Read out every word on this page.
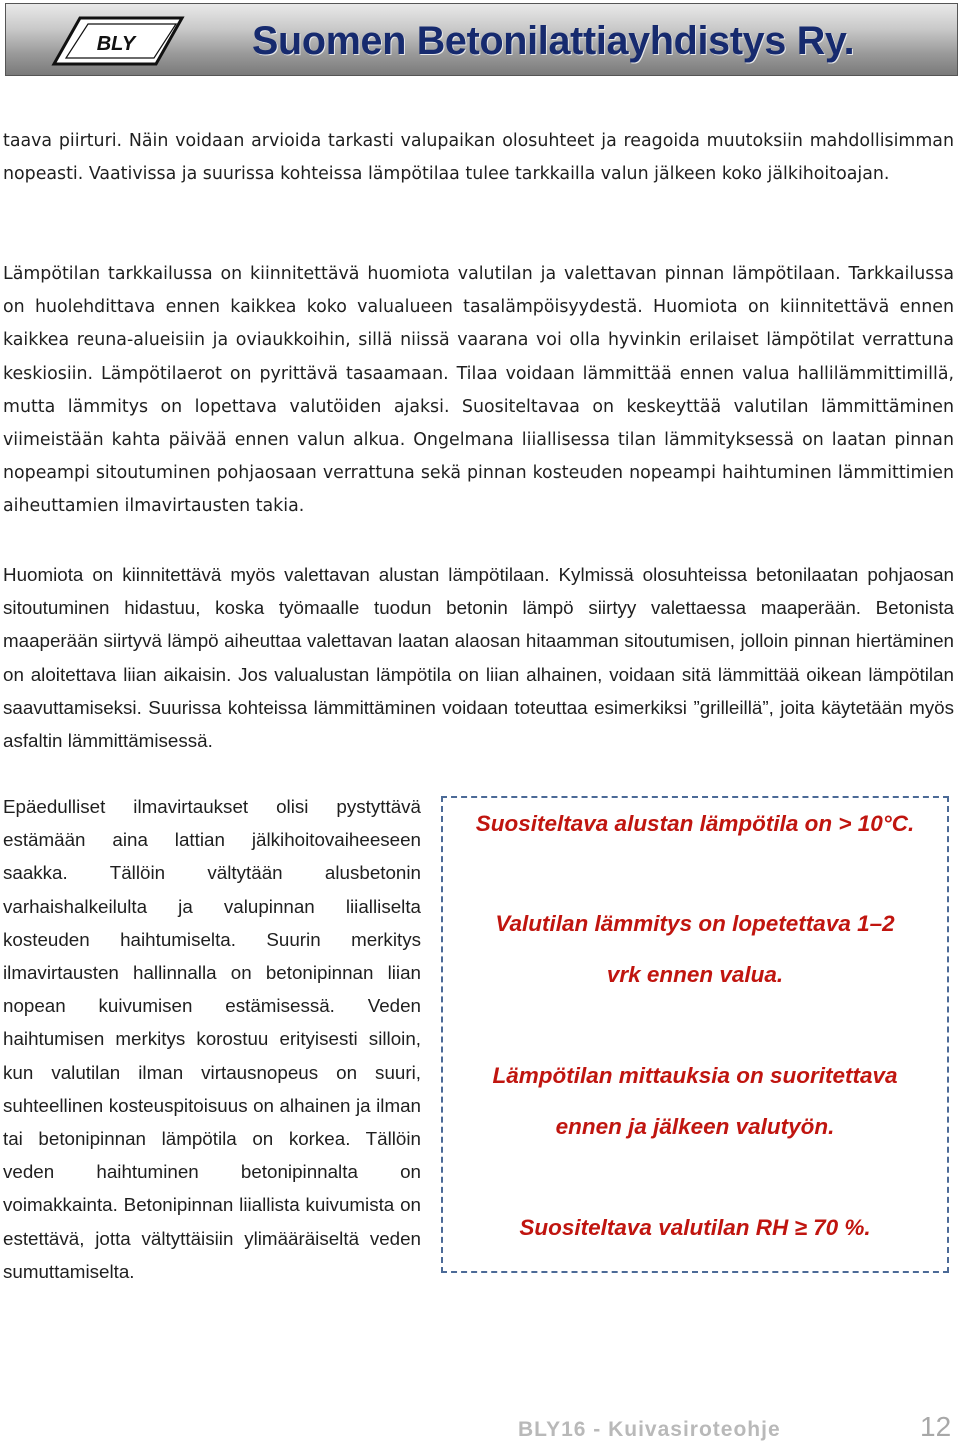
BLY	Suomen Betonilattiayhdistys Ry.

taava piirturi. Näin voidaan arvioida tarkasti valupaikan olosuhteet ja reagoida muutoksiin mahdollisimman nopeasti. Vaativissa ja suurissa kohteissa lämpötilaa tulee tarkkailla valun jälkeen koko jälkihoitoajan.

Lämpötilan tarkkailussa on kiinnitettävä huomiota valutilan ja valettavan pinnan lämpötilaan. Tarkkailussa on huolehdittava ennen kaikkea koko valualueen tasalämpöisyydestä. Huomiota on kiinnitettävä ennen kaikkea reuna-alueisiin ja oviaukkoihin, sillä niissä vaarana voi olla hyvinkin erilaiset lämpötilat verrattuna keskiosiin. Lämpötilaerot on pyrittävä tasaamaan. Tilaa voidaan lämmittää ennen valua hallilämmittimillä, mutta lämmitys on lopettava valutöiden ajaksi. Suositeltavaa on keskeyttää valutilan lämmittäminen viimeistään kahta päivää ennen valun alkua. Ongelmana liiallisessa tilan lämmityksessä on laatan pinnan nopeampi sitoutuminen pohjaosaan verrattuna sekä pinnan kosteuden nopeampi haihtuminen lämmittimien aiheuttamien ilmavirtausten takia.

Huomiota on kiinnitettävä myös valettavan alustan lämpötilaan. Kylmissä olosuhteissa betonilaatan pohjaosan sitoutuminen hidastuu, koska työmaalle tuodun betonin lämpö siirtyy valettaessa maaperään. Betonista maaperään siirtyvä lämpö aiheuttaa valettavan laatan alaosan hitaamman sitoutumisen, jolloin pinnan hiertäminen on aloitettava liian aikaisin. Jos valualustan lämpötila on liian alhainen, voidaan sitä lämmittää oikean lämpötilan saavuttamiseksi. Suurissa kohteissa lämmittäminen voidaan toteuttaa esimerkiksi ”grilleillä”, joita käytetään myös asfaltin lämmittämisessä.

Epäedulliset ilmavirtaukset olisi pystyttävä estämään aina lattian jälkihoitovaiheeseen saakka. Tällöin vältytään alusbetonin varhaishalkeilulta ja valupinnan liialliselta kosteuden haihtumiselta. Suurin merkitys ilmavirtausten hallinnalla on betonipinnan liian nopean kuivumisen estämisessä. Veden haihtumisen merkitys korostuu erityisesti silloin, kun valutilan ilman virtausnopeus on suuri, suhteellinen kosteuspitoisuus on alhainen ja ilman tai betonipinnan lämpötila on korkea. Tällöin veden haihtuminen betonipinnalta on voimakkainta. Betonipinnan liiallista kuivumista on estettävä, jotta vältyttäisiin ylimääräiseltä veden sumuttamiselta.

Suositeltava alustan lämpötila on > 10°C.
Valutilan lämmitys on lopetettava 1–2
vrk ennen valua.
Lämpötilan mittauksia on suoritettava
ennen ja jälkeen valutyön.
Suositeltava valutilan RH ≥ 70 %.
BLY16 - Kuivasiroteohje	12
